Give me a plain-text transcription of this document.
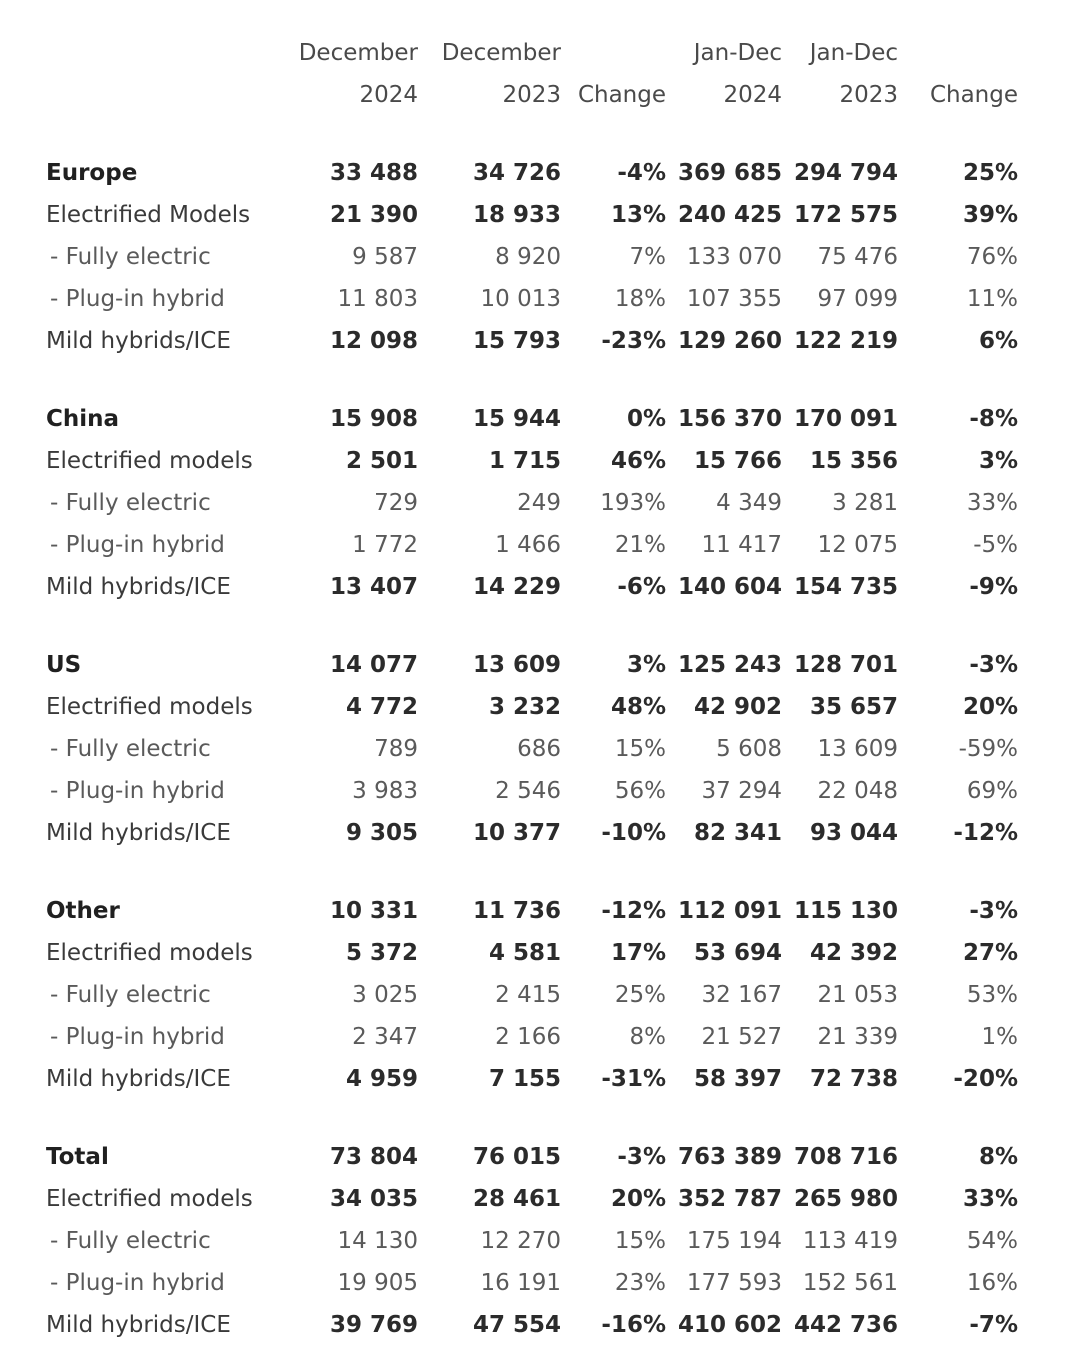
	December	December		Jan-Dec	Jan-Dec	
	2024	2023	Change	2024	2023	Change

Europe	33 488	34 726	-4%	369 685	294 794	25%
Electrified Models	21 390	18 933	13%	240 425	172 575	39%
- Fully electric	9 587	8 920	7%	133 070	75 476	76%
- Plug-in hybrid	11 803	10 013	18%	107 355	97 099	11%
Mild hybrids/ICE	12 098	15 793	-23%	129 260	122 219	6%

China	15 908	15 944	0%	156 370	170 091	-8%
Electrified models	2 501	1 715	46%	15 766	15 356	3%
- Fully electric	729	249	193%	4 349	3 281	33%
- Plug-in hybrid	1 772	1 466	21%	11 417	12 075	-5%
Mild hybrids/ICE	13 407	14 229	-6%	140 604	154 735	-9%

US	14 077	13 609	3%	125 243	128 701	-3%
Electrified models	4 772	3 232	48%	42 902	35 657	20%
- Fully electric	789	686	15%	5 608	13 609	-59%
- Plug-in hybrid	3 983	2 546	56%	37 294	22 048	69%
Mild hybrids/ICE	9 305	10 377	-10%	82 341	93 044	-12%

Other	10 331	11 736	-12%	112 091	115 130	-3%
Electrified models	5 372	4 581	17%	53 694	42 392	27%
- Fully electric	3 025	2 415	25%	32 167	21 053	53%
- Plug-in hybrid	2 347	2 166	8%	21 527	21 339	1%
Mild hybrids/ICE	4 959	7 155	-31%	58 397	72 738	-20%

Total	73 804	76 015	-3%	763 389	708 716	8%
Electrified models	34 035	28 461	20%	352 787	265 980	33%
- Fully electric	14 130	12 270	15%	175 194	113 419	54%
- Plug-in hybrid	19 905	16 191	23%	177 593	152 561	16%
Mild hybrids/ICE	39 769	47 554	-16%	410 602	442 736	-7%
